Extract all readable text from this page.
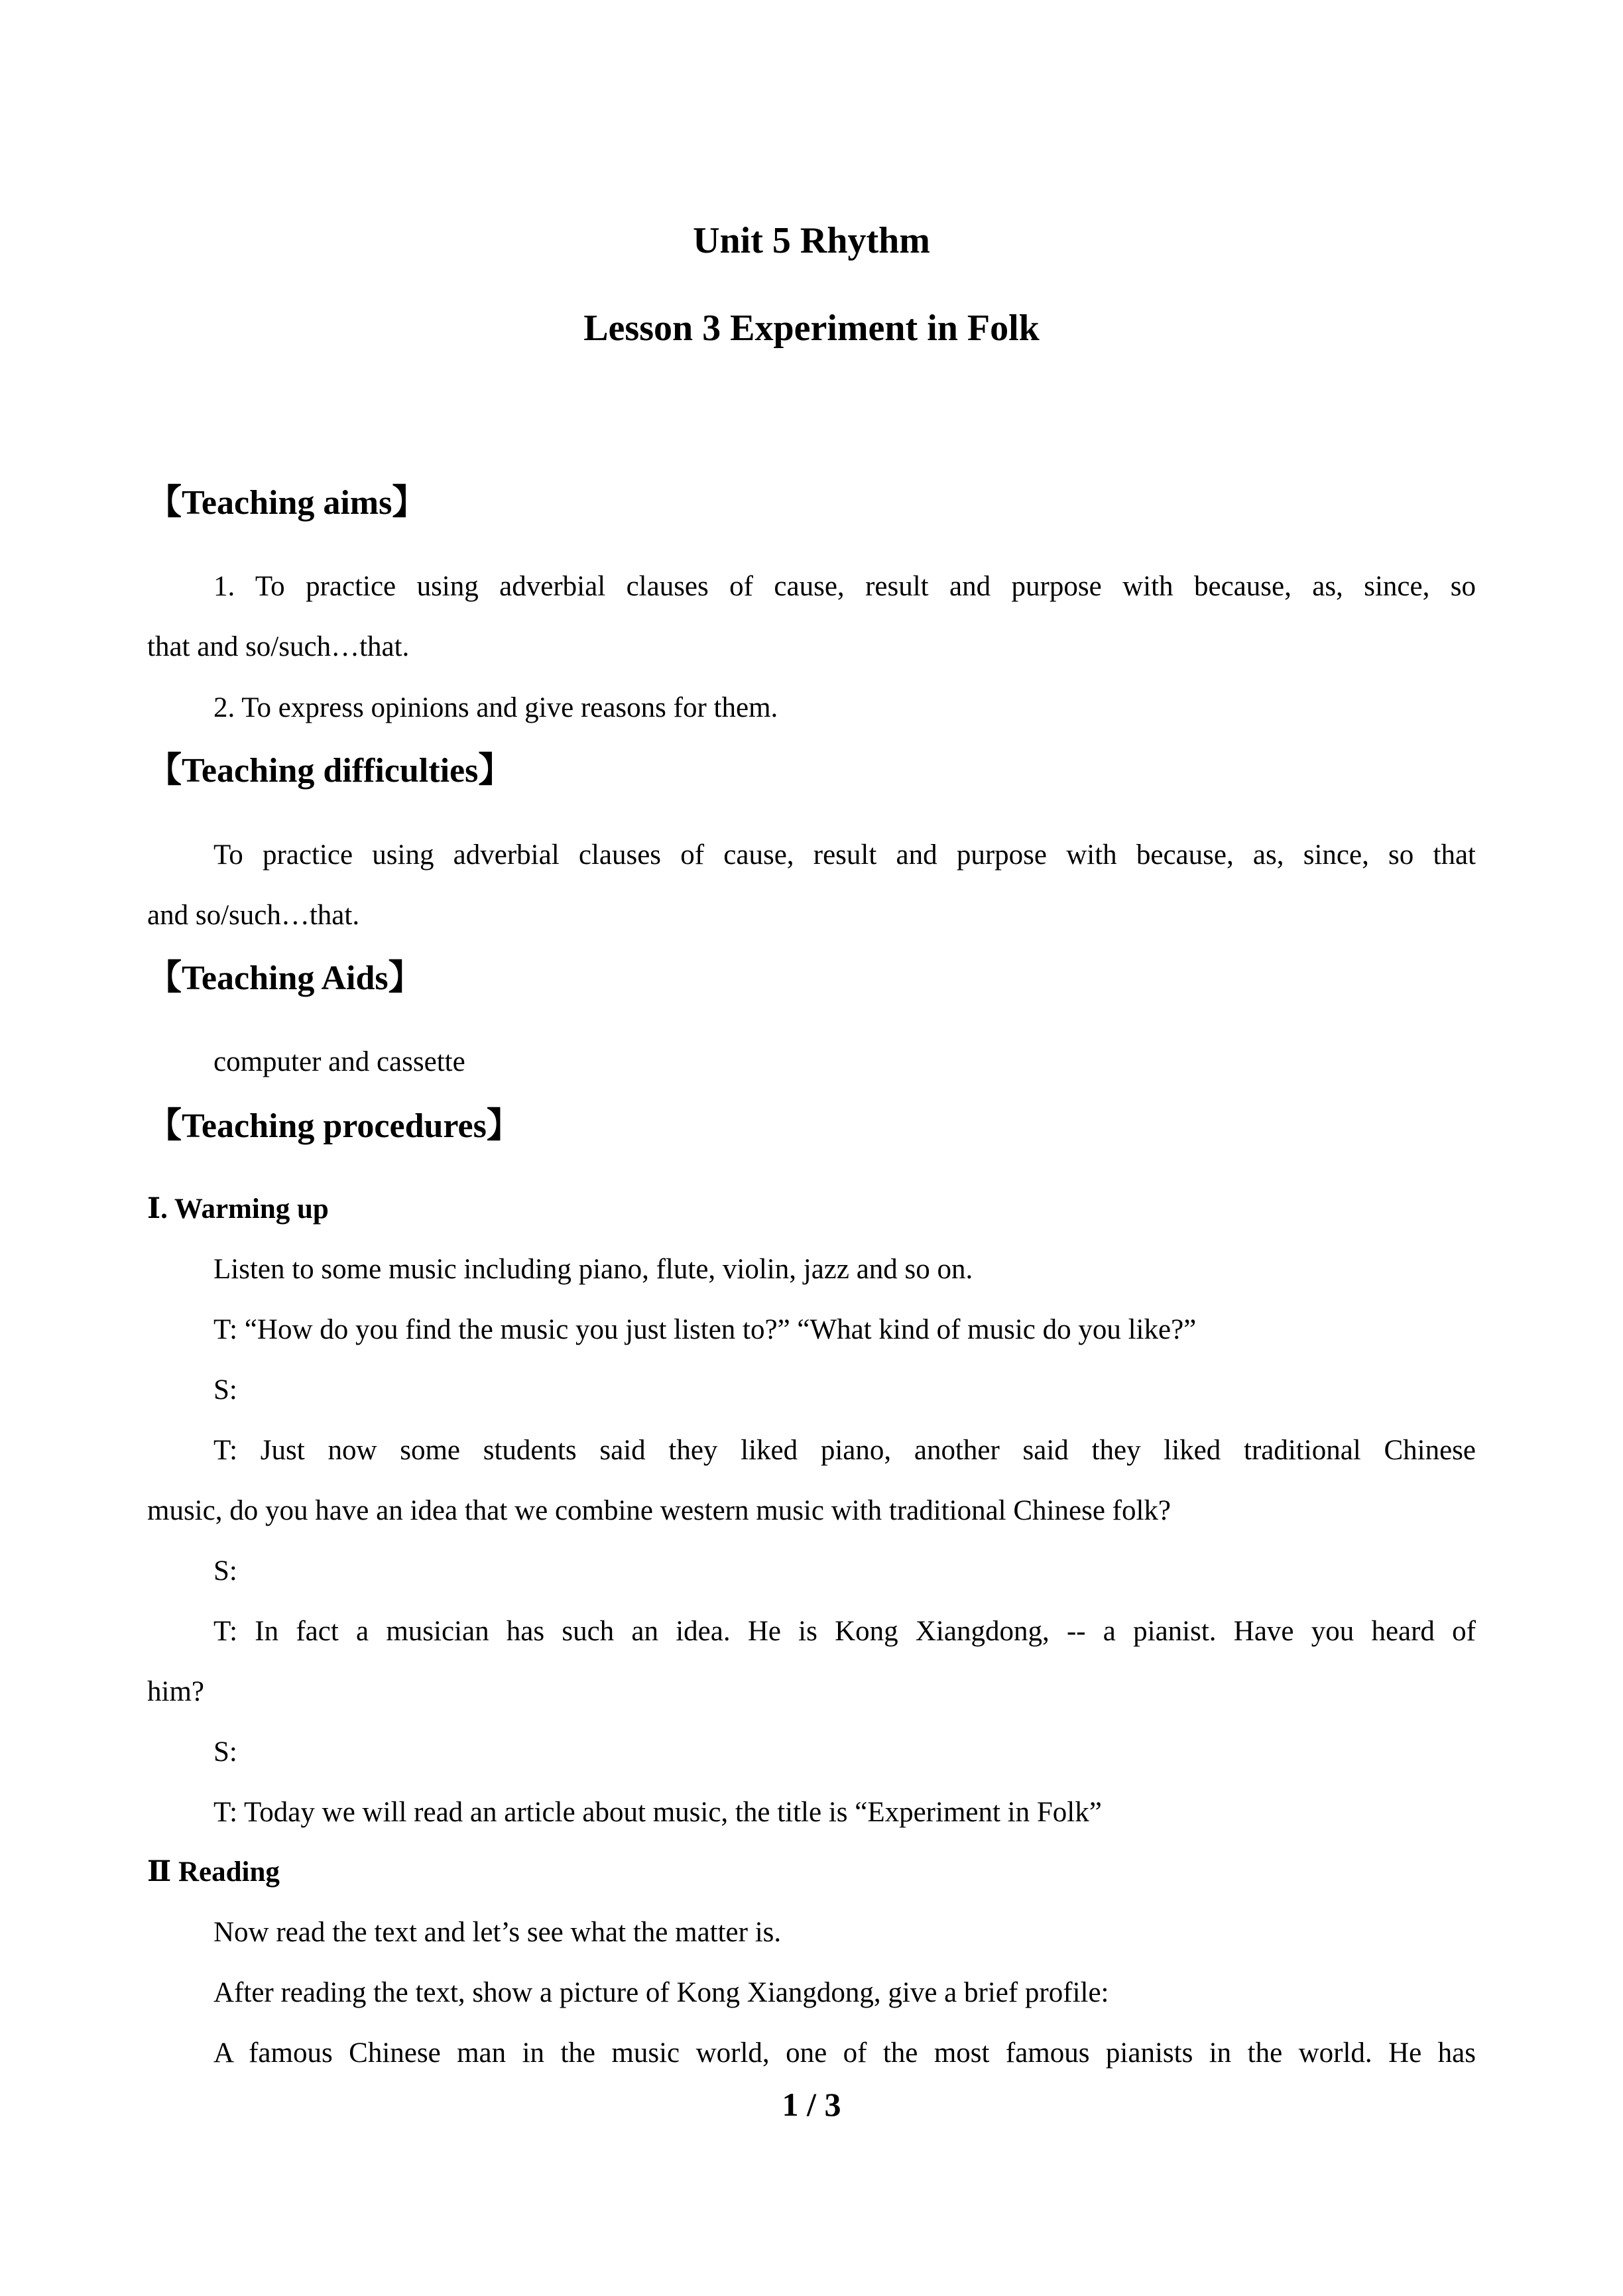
Unit 5 Rhythm
Lesson 3 Experiment in Folk
【Teaching aims】
1. To practice using adverbial clauses of cause, result and purpose with because, as, since, so
that and so/such…that.
2. To express opinions and give reasons for them.
【Teaching difficulties】
To practice using adverbial clauses of cause, result and purpose with because, as, since, so that
and so/such…that.
【Teaching Aids】
computer and cassette
【Teaching procedures】
Ⅰ. Warming up
Listen to some music including piano, flute, violin, jazz and so on.
T: “How do you find the music you just listen to?” “What kind of music do you like?”
S:
T: Just now some students said they liked piano, another said they liked traditional Chinese
music, do you have an idea that we combine western music with traditional Chinese folk?
S:
T: In fact a musician has such an idea. He is Kong Xiangdong, -- a pianist. Have you heard of
him?
S:
T: Today we will read an article about music, the title is “Experiment in Folk”
Ⅱ Reading
Now read the text and let’s see what the matter is.
After reading the text, show a picture of Kong Xiangdong, give a brief profile:
A famous Chinese man in the music world, one of the most famous pianists in the world. He has
1 / 3
